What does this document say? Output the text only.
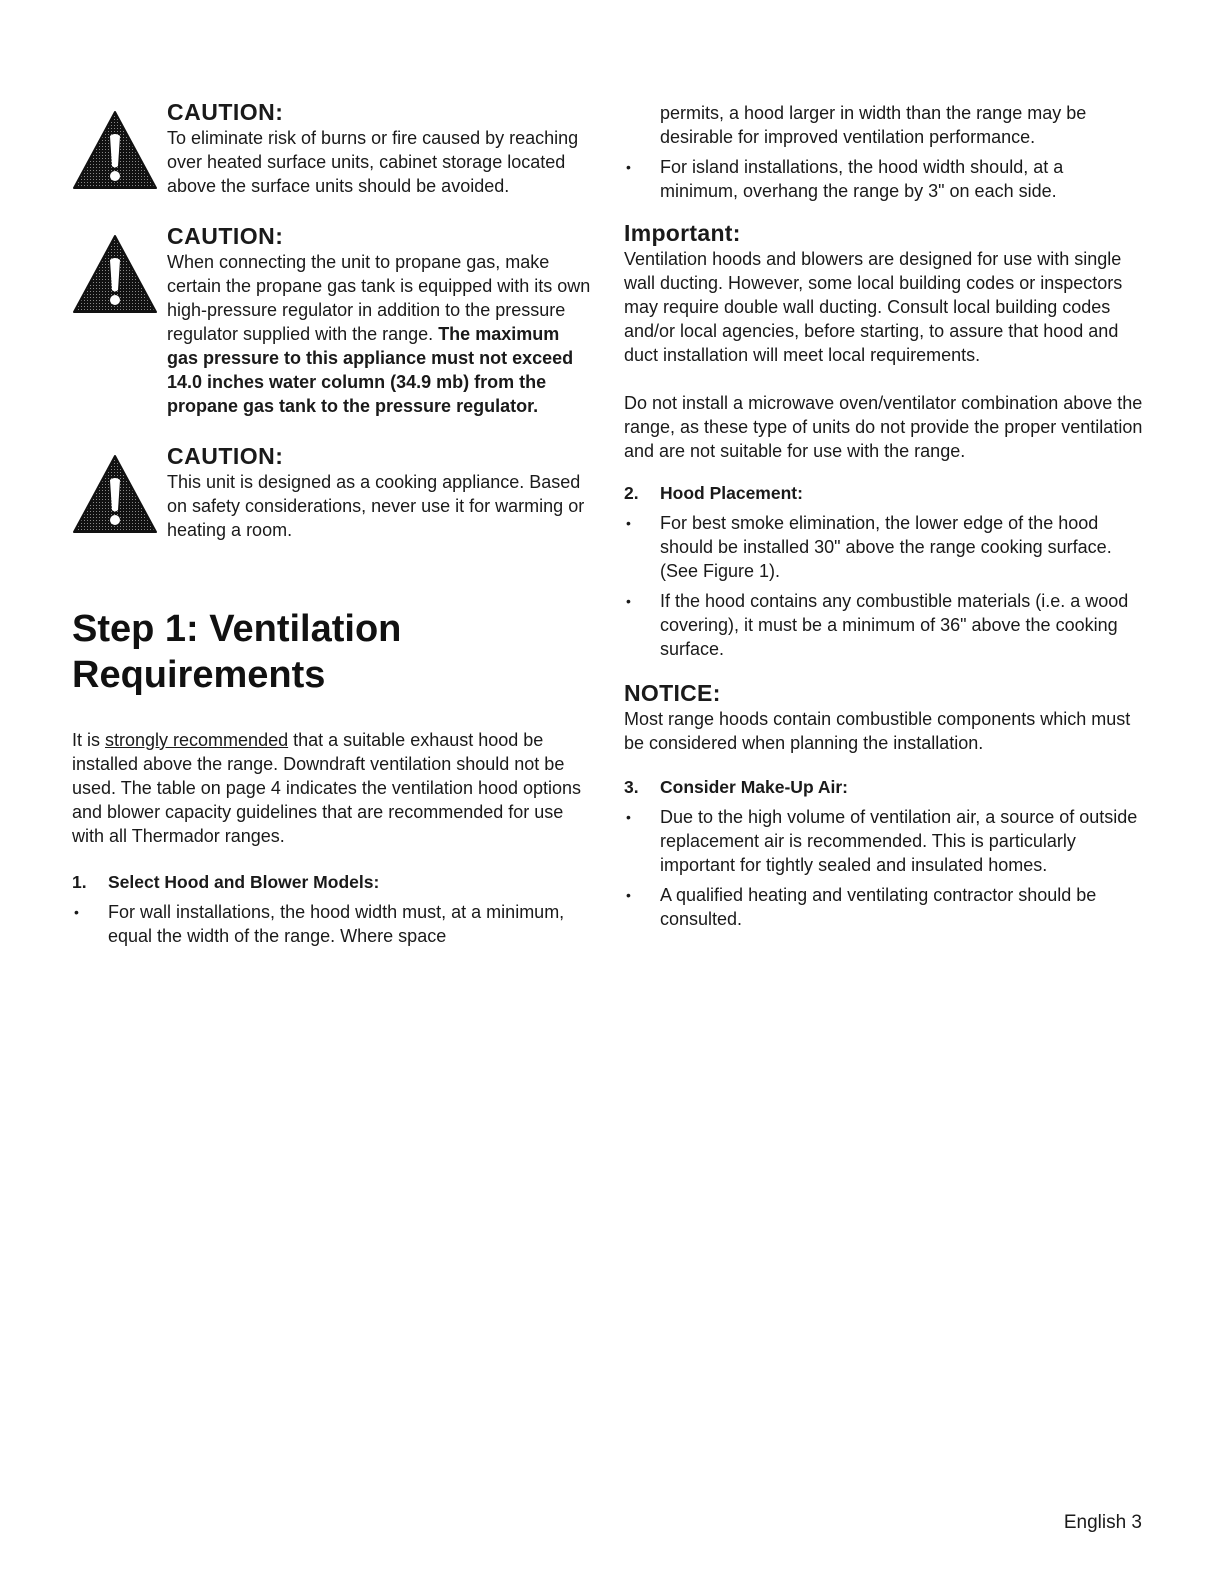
CAUTION:

To eliminate risk of burns or fire caused by reaching over heated surface units, cabinet storage located above the surface units should be avoided.

CAUTION:

When connecting the unit to propane gas, make certain the propane gas tank is equipped with its own high-pressure regulator in addition to the pressure regulator supplied with the range. The maximum gas pressure to this appliance must not exceed 14.0 inches water column (34.9 mb) from the propane gas tank to the pressure regulator.

CAUTION:

This unit is designed as a cooking appliance. Based on safety considerations, never use it for warming or heating a room.

Step 1: Ventilation
Requirements

It is strongly recommended that a suitable exhaust hood be installed above the range. Downdraft ventilation should not be used. The table on page 4 indicates the ventilation hood options and blower capacity guidelines that are recommended for use with all Thermador ranges.

1.	Select Hood and Blower Models:
• For wall installations, the hood width must, at a minimum, equal the width of the range. Where space

permits, a hood larger in width than the range may be desirable for improved ventilation performance.

• For island installations, the hood width should, at a minimum, overhang the range by 3" on each side.
Important:

Ventilation hoods and blowers are designed for use with single wall ducting. However, some local building codes or inspectors may require double wall ducting. Consult local building codes and/or local agencies, before starting, to assure that hood and duct installation will meet local requirements.

Do not install a microwave oven/ventilator combination above the range, as these type of units do not provide the proper ventilation and are not suitable for use with the range.

2.	Hood Placement:
• For best smoke elimination, the lower edge of the hood should be installed 30" above the range cooking surface. (See Figure 1).
• If the hood contains any combustible materials (i.e. a wood covering), it must be a minimum of 36" above the cooking surface.
NOTICE:

Most range hoods contain combustible components which must be considered when planning the installation.

3.	Consider Make-Up Air:
• Due to the high volume of ventilation air, a source of outside replacement air is recommended. This is particularly important for tightly sealed and insulated homes.
• A qualified heating and ventilating contractor should be consulted.
English 3
